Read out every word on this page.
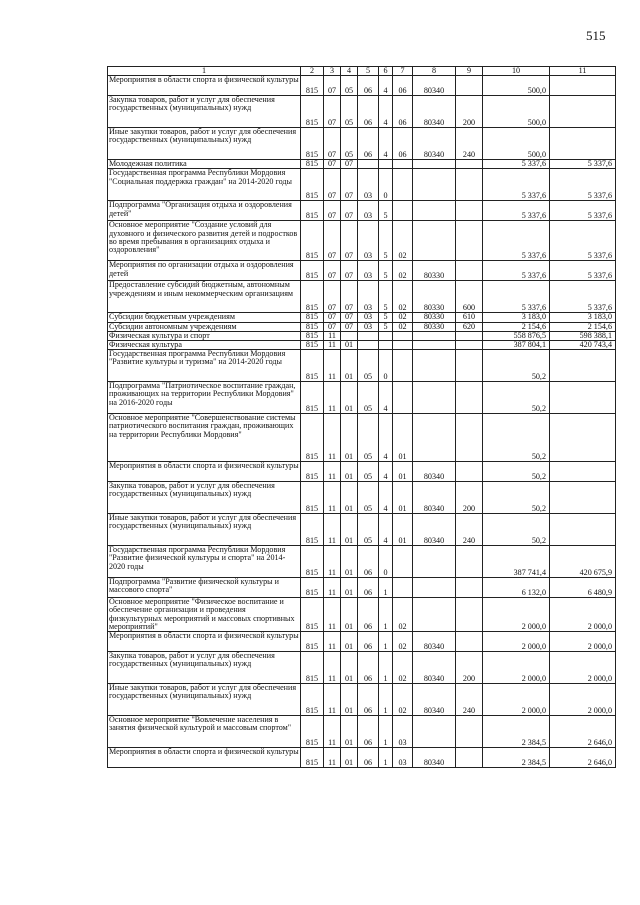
515
1	2	3	4	5	6	7	8	9	10	11
Мероприятия в области спорта и физической культуры	815	07	05	06	4	06	80340		500,0	
Закупка товаров, работ и услуг для обеспечения государственных (муниципальных) нужд	815	07	05	06	4	06	80340	200	500,0	
Иные закупки товаров, работ и услуг для обеспечения государственных (муниципальных) нужд	815	07	05	06	4	06	80340	240	500,0	
Молодежная политика	815	07	07						5 337,6	5 337,6
Государственная программа Республики Мордовия "Социальная поддержка граждан" на 2014-2020 годы	815	07	07	03	0				5 337,6	5 337,6
Подпрограмма "Организация отдыха и оздоровления детей"	815	07	07	03	5				5 337,6	5 337,6
Основное мероприятие "Создание условий для духовного и физического развития детей и подростков во время пребывания в организациях отдыха и оздоровления"	815	07	07	03	5	02			5 337,6	5 337,6
Мероприятия по организации отдыха и оздоровления детей	815	07	07	03	5	02	80330		5 337,6	5 337,6
Предоставление субсидий бюджетным, автономным учреждениям и иным некоммерческим организациям	815	07	07	03	5	02	80330	600	5 337,6	5 337,6
Субсидии бюджетным учреждениям	815	07	07	03	5	02	80330	610	3 183,0	3 183,0
Субсидии автономным учреждениям	815	07	07	03	5	02	80330	620	2 154,6	2 154,6
Физическая культура и спорт	815	11							558 876,5	598 388,1
Физическая культура	815	11	01						387 804,1	420 743,4
Государственная программа Республики Мордовия "Развитие культуры и туризма" на 2014-2020 годы	815	11	01	05	0				50,2	
Подпрограмма "Патриотическое воспитание граждан, проживающих на территории Республики Мордовия" на 2016-2020 годы	815	11	01	05	4				50,2	
Основное мероприятие "Совершенствование системы патриотического воспитания граждан, проживающих на территории Республики Мордовия"	815	11	01	05	4	01			50,2	
Мероприятия в области спорта и физической культуры	815	11	01	05	4	01	80340		50,2	
Закупка товаров, работ и услуг для обеспечения государственных (муниципальных) нужд	815	11	01	05	4	01	80340	200	50,2	
Иные закупки товаров, работ и услуг для обеспечения государственных (муниципальных) нужд	815	11	01	05	4	01	80340	240	50,2	
Государственная программа Республики Мордовия "Развитие физической культуры и спорта" на 2014-2020 годы	815	11	01	06	0				387 741,4	420 675,9
Подпрограмма "Развитие физической культуры и массового спорта"	815	11	01	06	1				6 132,0	6 480,9
Основное мероприятие "Физическое воспитание и обеспечение организации и проведения физкультурных мероприятий и массовых спортивных мероприятий"	815	11	01	06	1	02			2 000,0	2 000,0
Мероприятия в области спорта и физической культуры	815	11	01	06	1	02	80340		2 000,0	2 000,0
Закупка товаров, работ и услуг для обеспечения государственных (муниципальных) нужд	815	11	01	06	1	02	80340	200	2 000,0	2 000,0
Иные закупки товаров, работ и услуг для обеспечения государственных (муниципальных) нужд	815	11	01	06	1	02	80340	240	2 000,0	2 000,0
Основное мероприятие "Вовлечение населения в занятия физической культурой и массовым спортом"	815	11	01	06	1	03			2 384,5	2 646,0
Мероприятия в области спорта и физической культуры	815	11	01	06	1	03	80340		2 384,5	2 646,0
